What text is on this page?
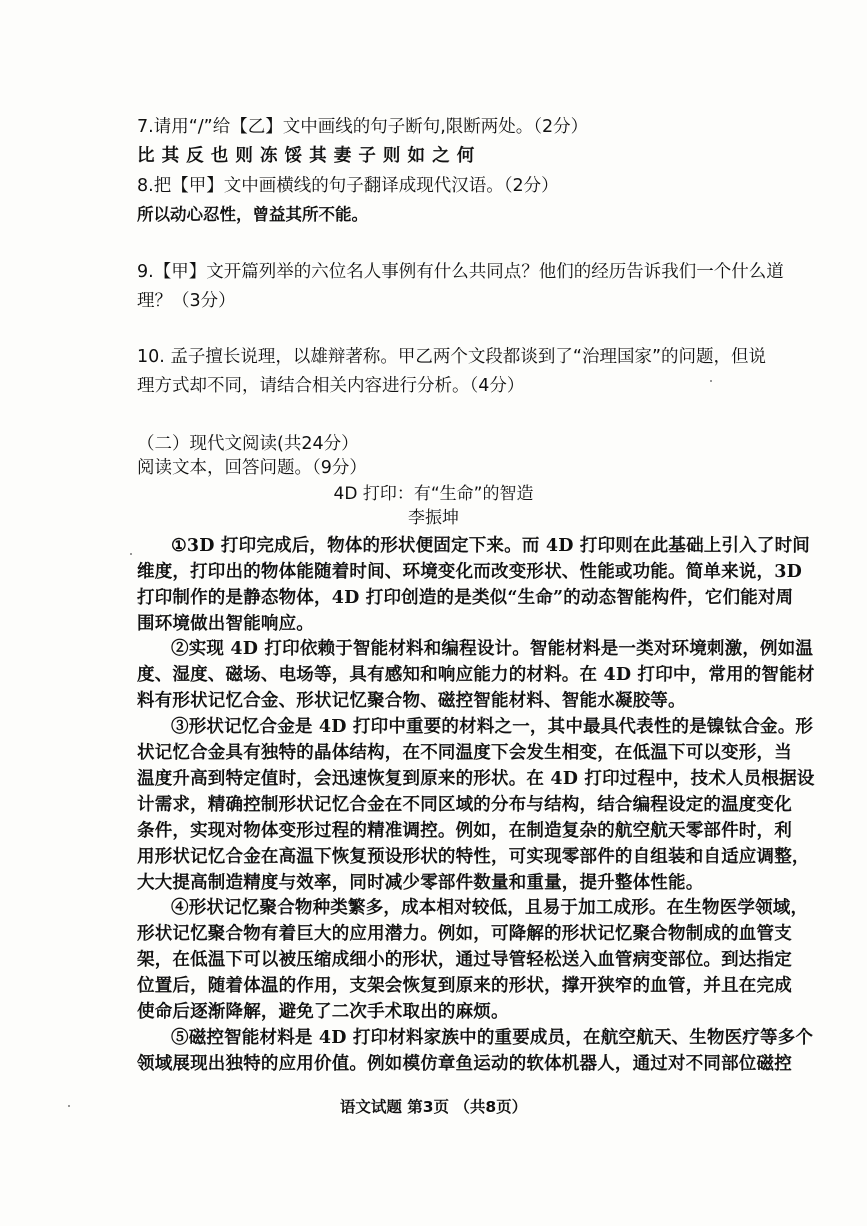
7.请用“/”给【乙】文中画线的句子断句,限断两处。（2分）
比 其 反 也 则 冻 馁 其 妻 子 则 如 之 何
8.把【甲】文中画横线的句子翻译成现代汉语。（2分）
所以动心忍性，曾益其所不能。
9.【甲】文开篇列举的六位名人事例有什么共同点？他们的经历告诉我们一个什么道
理？（3分）
10. 孟子擅长说理，以雄辩著称。甲乙两个文段都谈到了“治理国家”的问题，但说
理方式却不同，请结合相关内容进行分析。（4分）
（二）现代文阅读(共24分）
阅读文本，回答问题。（9分）
4D 打印：有“生命”的智造
李振坤
①3D 打印完成后，物体的形状便固定下来。而 4D 打印则在此基础上引入了时间
维度，打印出的物体能随着时间、环境变化而改变形状、性能或功能。简单来说，3D
打印制作的是静态物体，4D 打印创造的是类似“生命”的动态智能构件，它们能对周
围环境做出智能响应。
②实现 4D 打印依赖于智能材料和编程设计。智能材料是一类对环境刺激，例如温
度、湿度、磁场、电场等，具有感知和响应能力的材料。在 4D 打印中，常用的智能材
料有形状记忆合金、形状记忆聚合物、磁控智能材料、智能水凝胶等。
③形状记忆合金是 4D 打印中重要的材料之一，其中最具代表性的是镍钛合金。形
状记忆合金具有独特的晶体结构，在不同温度下会发生相变，在低温下可以变形，当
温度升高到特定值时，会迅速恢复到原来的形状。在 4D 打印过程中，技术人员根据设
计需求，精确控制形状记忆合金在不同区域的分布与结构，结合编程设定的温度变化
条件，实现对物体变形过程的精准调控。例如，在制造复杂的航空航天零部件时，利
用形状记忆合金在高温下恢复预设形状的特性，可实现零部件的自组装和自适应调整，
大大提高制造精度与效率，同时减少零部件数量和重量，提升整体性能。
④形状记忆聚合物种类繁多，成本相对较低，且易于加工成形。在生物医学领域，
形状记忆聚合物有着巨大的应用潜力。例如，可降解的形状记忆聚合物制成的血管支
架，在低温下可以被压缩成细小的形状，通过导管轻松送入血管病变部位。到达指定
位置后，随着体温的作用，支架会恢复到原来的形状，撑开狭窄的血管，并且在完成
使命后逐渐降解，避免了二次手术取出的麻烦。
⑤磁控智能材料是 4D 打印材料家族中的重要成员，在航空航天、生物医疗等多个
领域展现出独特的应用价值。例如模仿章鱼运动的软体机器人，通过对不同部位磁控
语文试题 第3页 （共8页）
